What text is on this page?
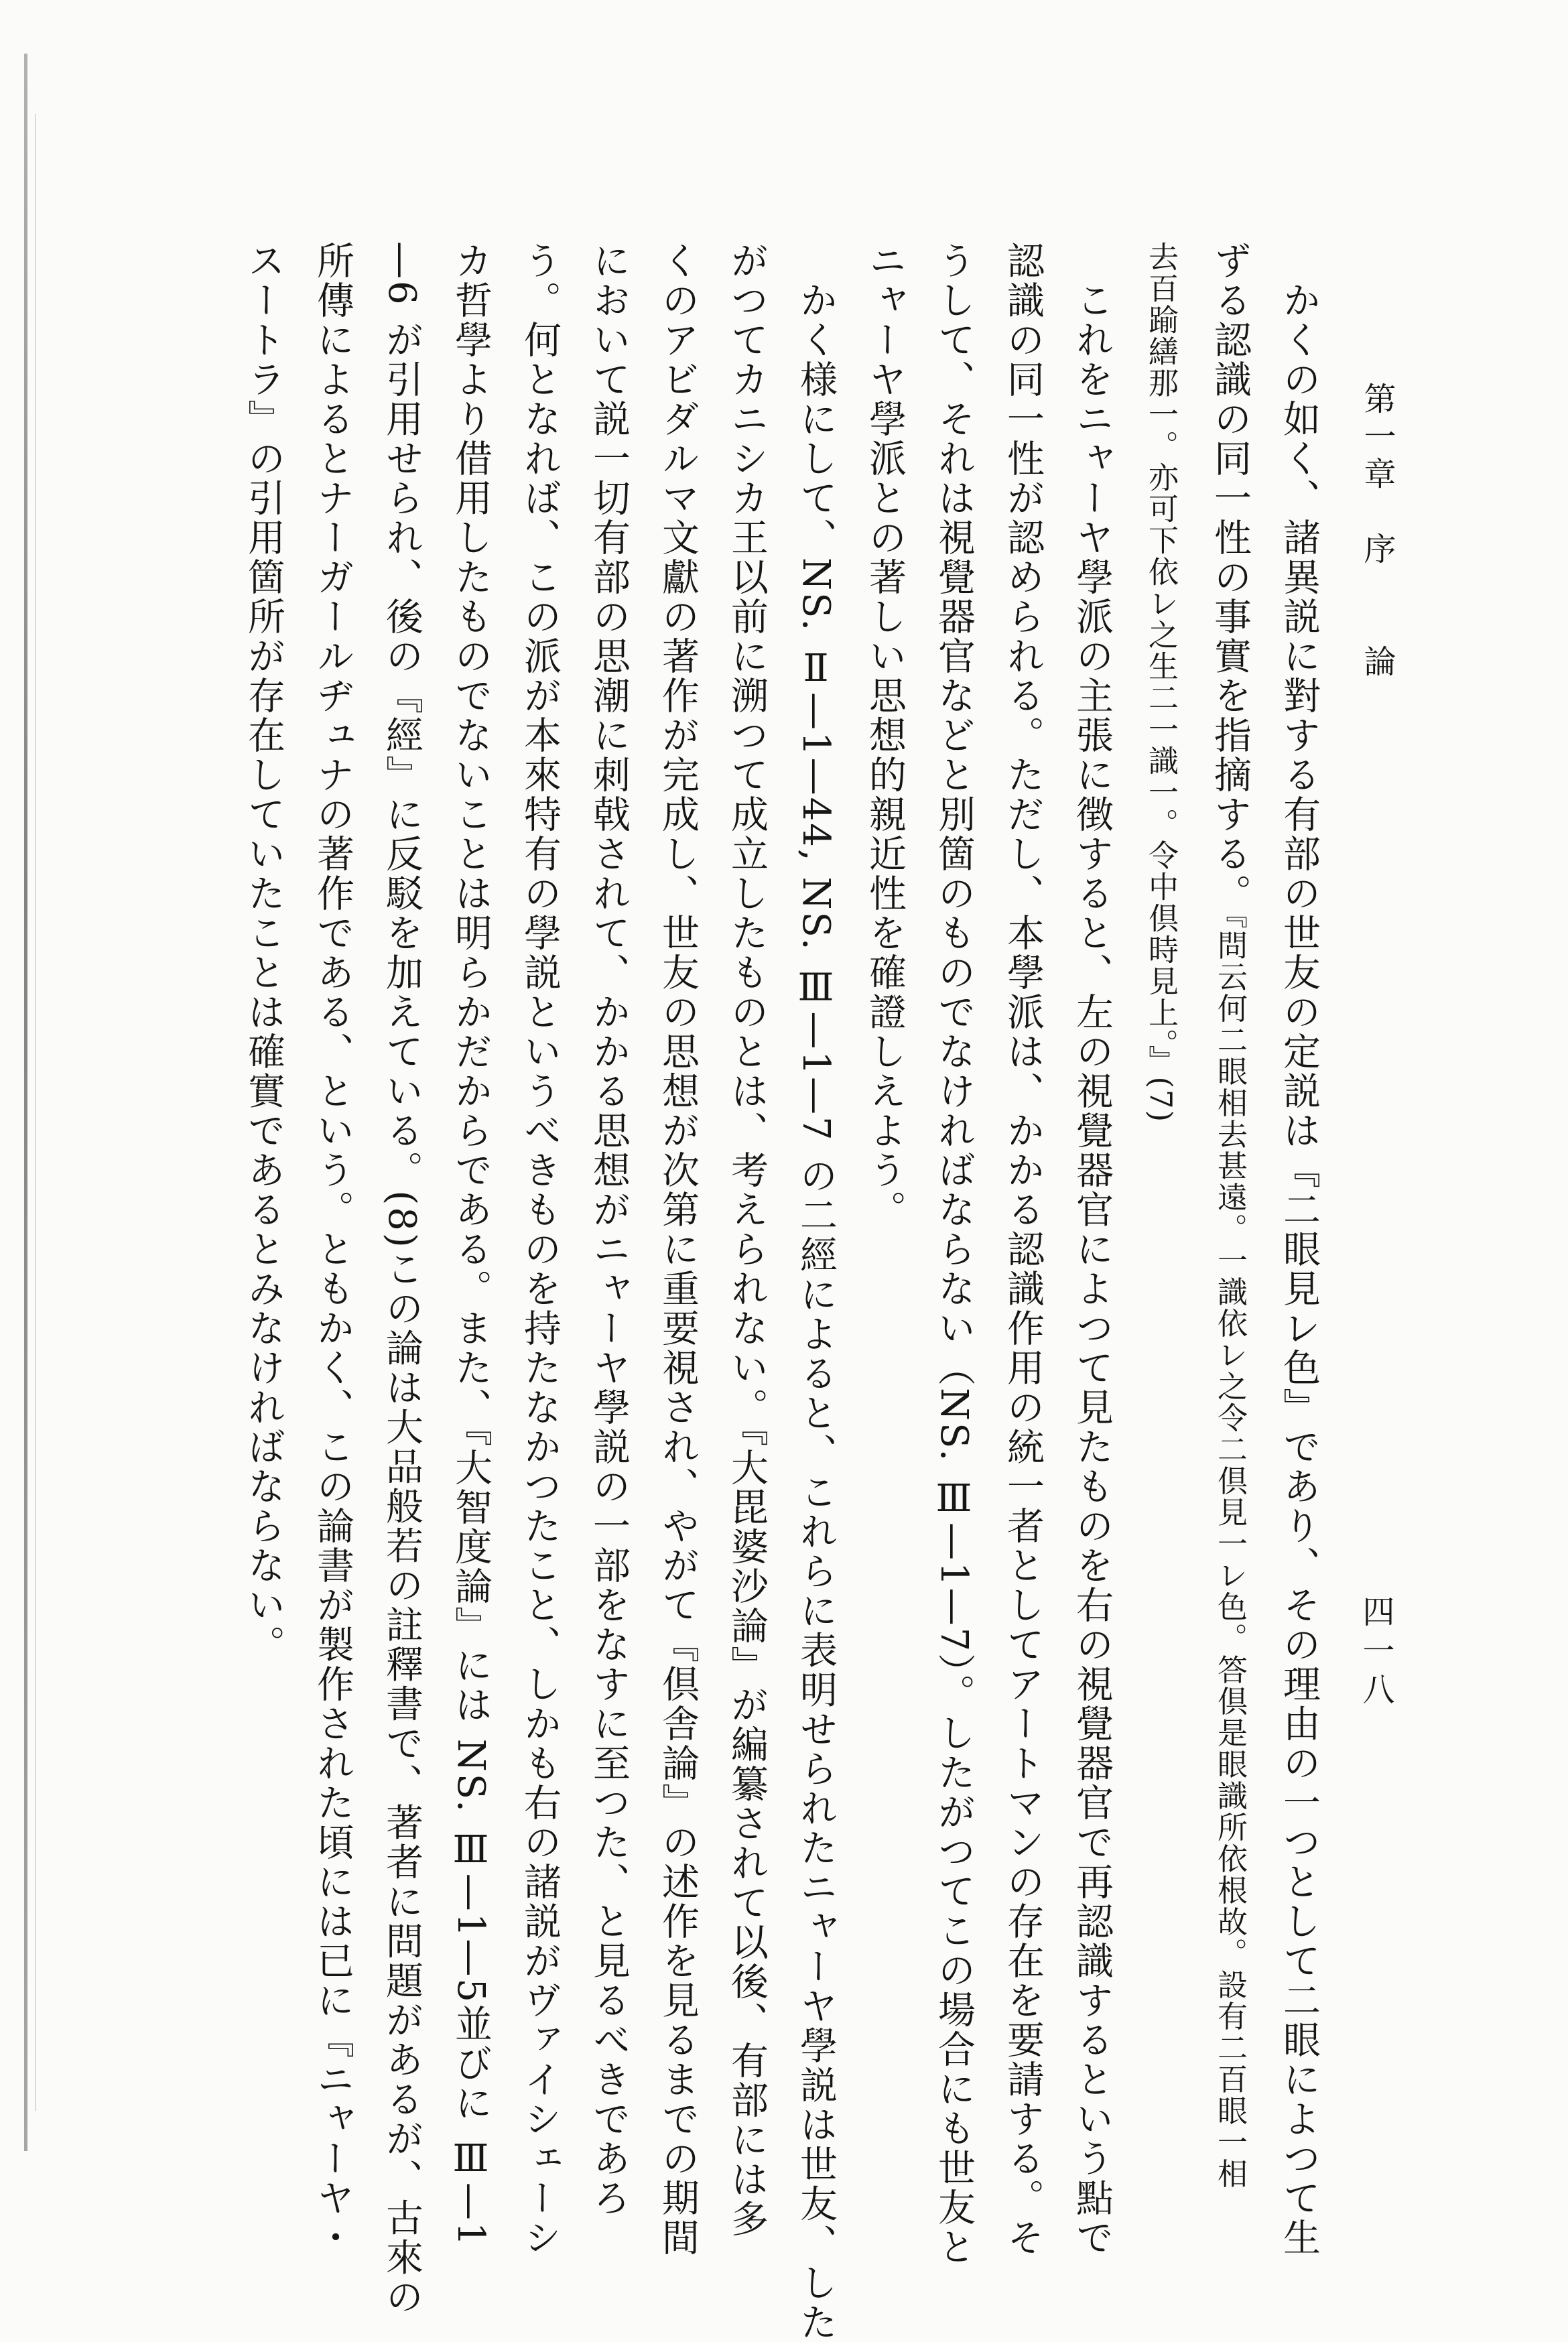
第一章　序　　論
四一八
かくの如く、諸異説に對する有部の世友の定説は『二眼見レ色』であり、その理由の一つとして二眼によつて生
ずる認識の同一性の事實を指摘する。『問云何二眼相去甚遠。一識依レ之令二倶見一レ色。答倶是眼識所依根故。設有二百眼一相
去百踰繕那一。亦可下依レ之生二一識一。令中倶時見上。』(7)
これをニャーヤ學派の主張に徴すると、左の視覺器官によつて見たものを右の視覺器官で再認識するという點で
認識の同一性が認められる。ただし、本學派は、かかる認識作用の統一者としてアートマンの存在を要請する。そ
うして、それは視覺器官などと別箇のものでなければならない（NS. Ⅲ—1—7）。したがつてこの場合にも世友と
ニャーヤ學派との著しい思想的親近性を確證しえよう。
かく様にして、NS. Ⅱ—1—44, NS. Ⅲ—1—7 の二經によると、これらに表明せられたニャーヤ學説は世友、した
がつてカニシカ王以前に溯つて成立したものとは、考えられない。『大毘婆沙論』が編纂されて以後、有部には多
くのアビダルマ文獻の著作が完成し、世友の思想が次第に重要視され、やがて『倶舎論』の述作を見るまでの期間
において説一切有部の思潮に刺戟されて、かかる思想がニャーヤ學説の一部をなすに至つた、と見るべきであろ
う。何となれば、この派が本來特有の學説というべきものを持たなかつたこと、しかも右の諸説がヴァイシェーシ
カ哲學より借用したものでないことは明らかだからである。また、『大智度論』には NS. Ⅲ—1—5並びに Ⅲ—1
—6 が引用せられ、後の『經』に反駁を加えている。(8)この論は大品般若の註釋書で、著者に問題があるが、古來の
所傳によるとナーガールヂュナの著作である、という。ともかく、この論書が製作された頃には已に『ニャーヤ・
スートラ』の引用箇所が存在していたことは確實であるとみなければならない。
